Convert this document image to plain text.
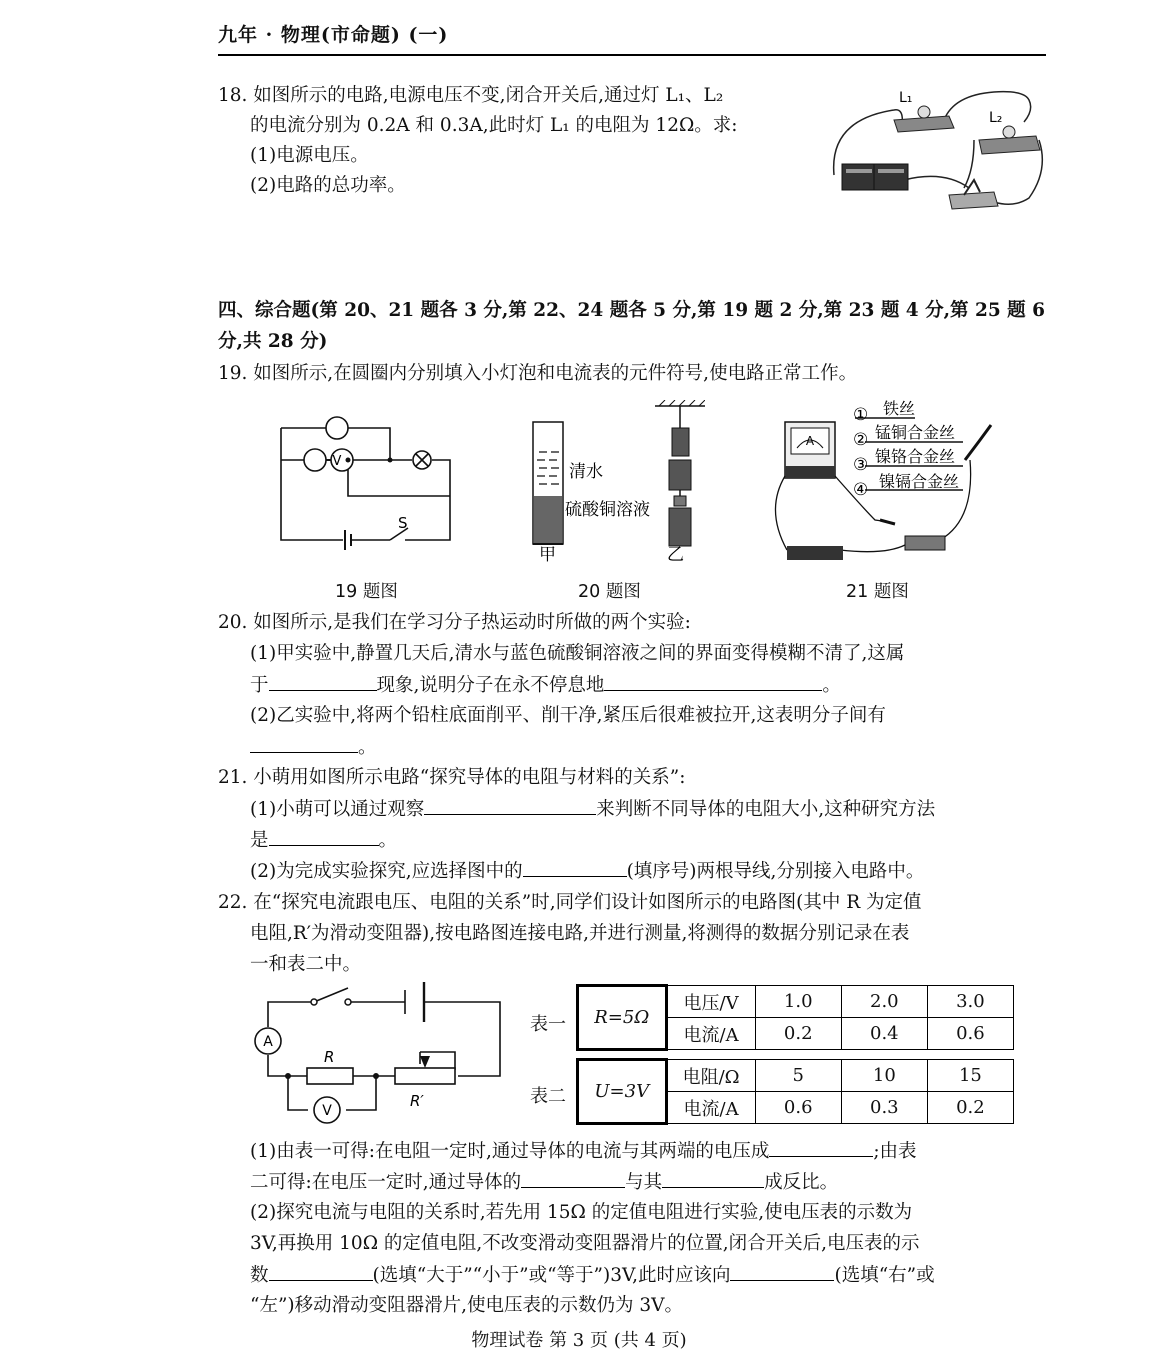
九年 · 物理(市命题) (一)
18. 如图所示的电路,电源电压不变,闭合开关后,通过灯 L₁、L₂
的电流分别为 0.2A 和 0.3A,此时灯 L₁ 的电阻为 12Ω。求:
(1)电源电压。
(2)电路的总功率。
L₁
L₂
四、综合题(第 20、21 题各 3 分,第 22、24 题各 5 分,第 19 题 2 分,第 23 题 4 分,第 25 题 6
分,共 28 分)
19. 如图所示,在圆圈内分别填入小灯泡和电流表的元件符号,使电路正常工作。
V
S
清水
硫酸铜溶液
甲	乙
A
① 铁丝
② 锰铜合金丝
③ 镍铬合金丝
④ 镍镉合金丝
19 题图	20 题图	21 题图
20. 如图所示,是我们在学习分子热运动时所做的两个实验:
(1)甲实验中,静置几天后,清水与蓝色硫酸铜溶液之间的界面变得模糊不清了,这属
于	现象,说明分子在永不停息地	。
(2)乙实验中,将两个铅柱底面削平、削干净,紧压后很难被拉开,这表明分子间有
。
21. 小萌用如图所示电路“探究导体的电阻与材料的关系”:
(1)小萌可以通过观察	来判断不同导体的电阻大小,这种研究方法
是	。
(2)为完成实验探究,应选择图中的	(填序号)两根导线,分别接入电路中。
22. 在“探究电流跟电压、电阻的关系”时,同学们设计如图所示的电路图(其中 R 为定值
电阻,R′为滑动变阻器),按电路图连接电路,并进行测量,将测得的数据分别记录在表
一和表二中。
A
V
R
R′
表一 R=5Ω	电压/V	1.0	2.0	3.0
	电流/A	0.2	0.4	0.6
表二 U=3V	电阻/Ω	5	10	15
	电流/A	0.6	0.3	0.2
(1)由表一可得:在电阻一定时,通过导体的电流与其两端的电压成	;由表
二可得:在电压一定时,通过导体的	与其	成反比。
(2)探究电流与电阻的关系时,若先用 15Ω 的定值电阻进行实验,使电压表的示数为
3V,再换用 10Ω 的定值电阻,不改变滑动变阻器滑片的位置,闭合开关后,电压表的示
数	(选填“大于”“小于”或“等于”)3V,此时应该向	(选填“右”或
“左”)移动滑动变阻器滑片,使电压表的示数仍为 3V。
物理试卷 第 3 页 (共 4 页)
